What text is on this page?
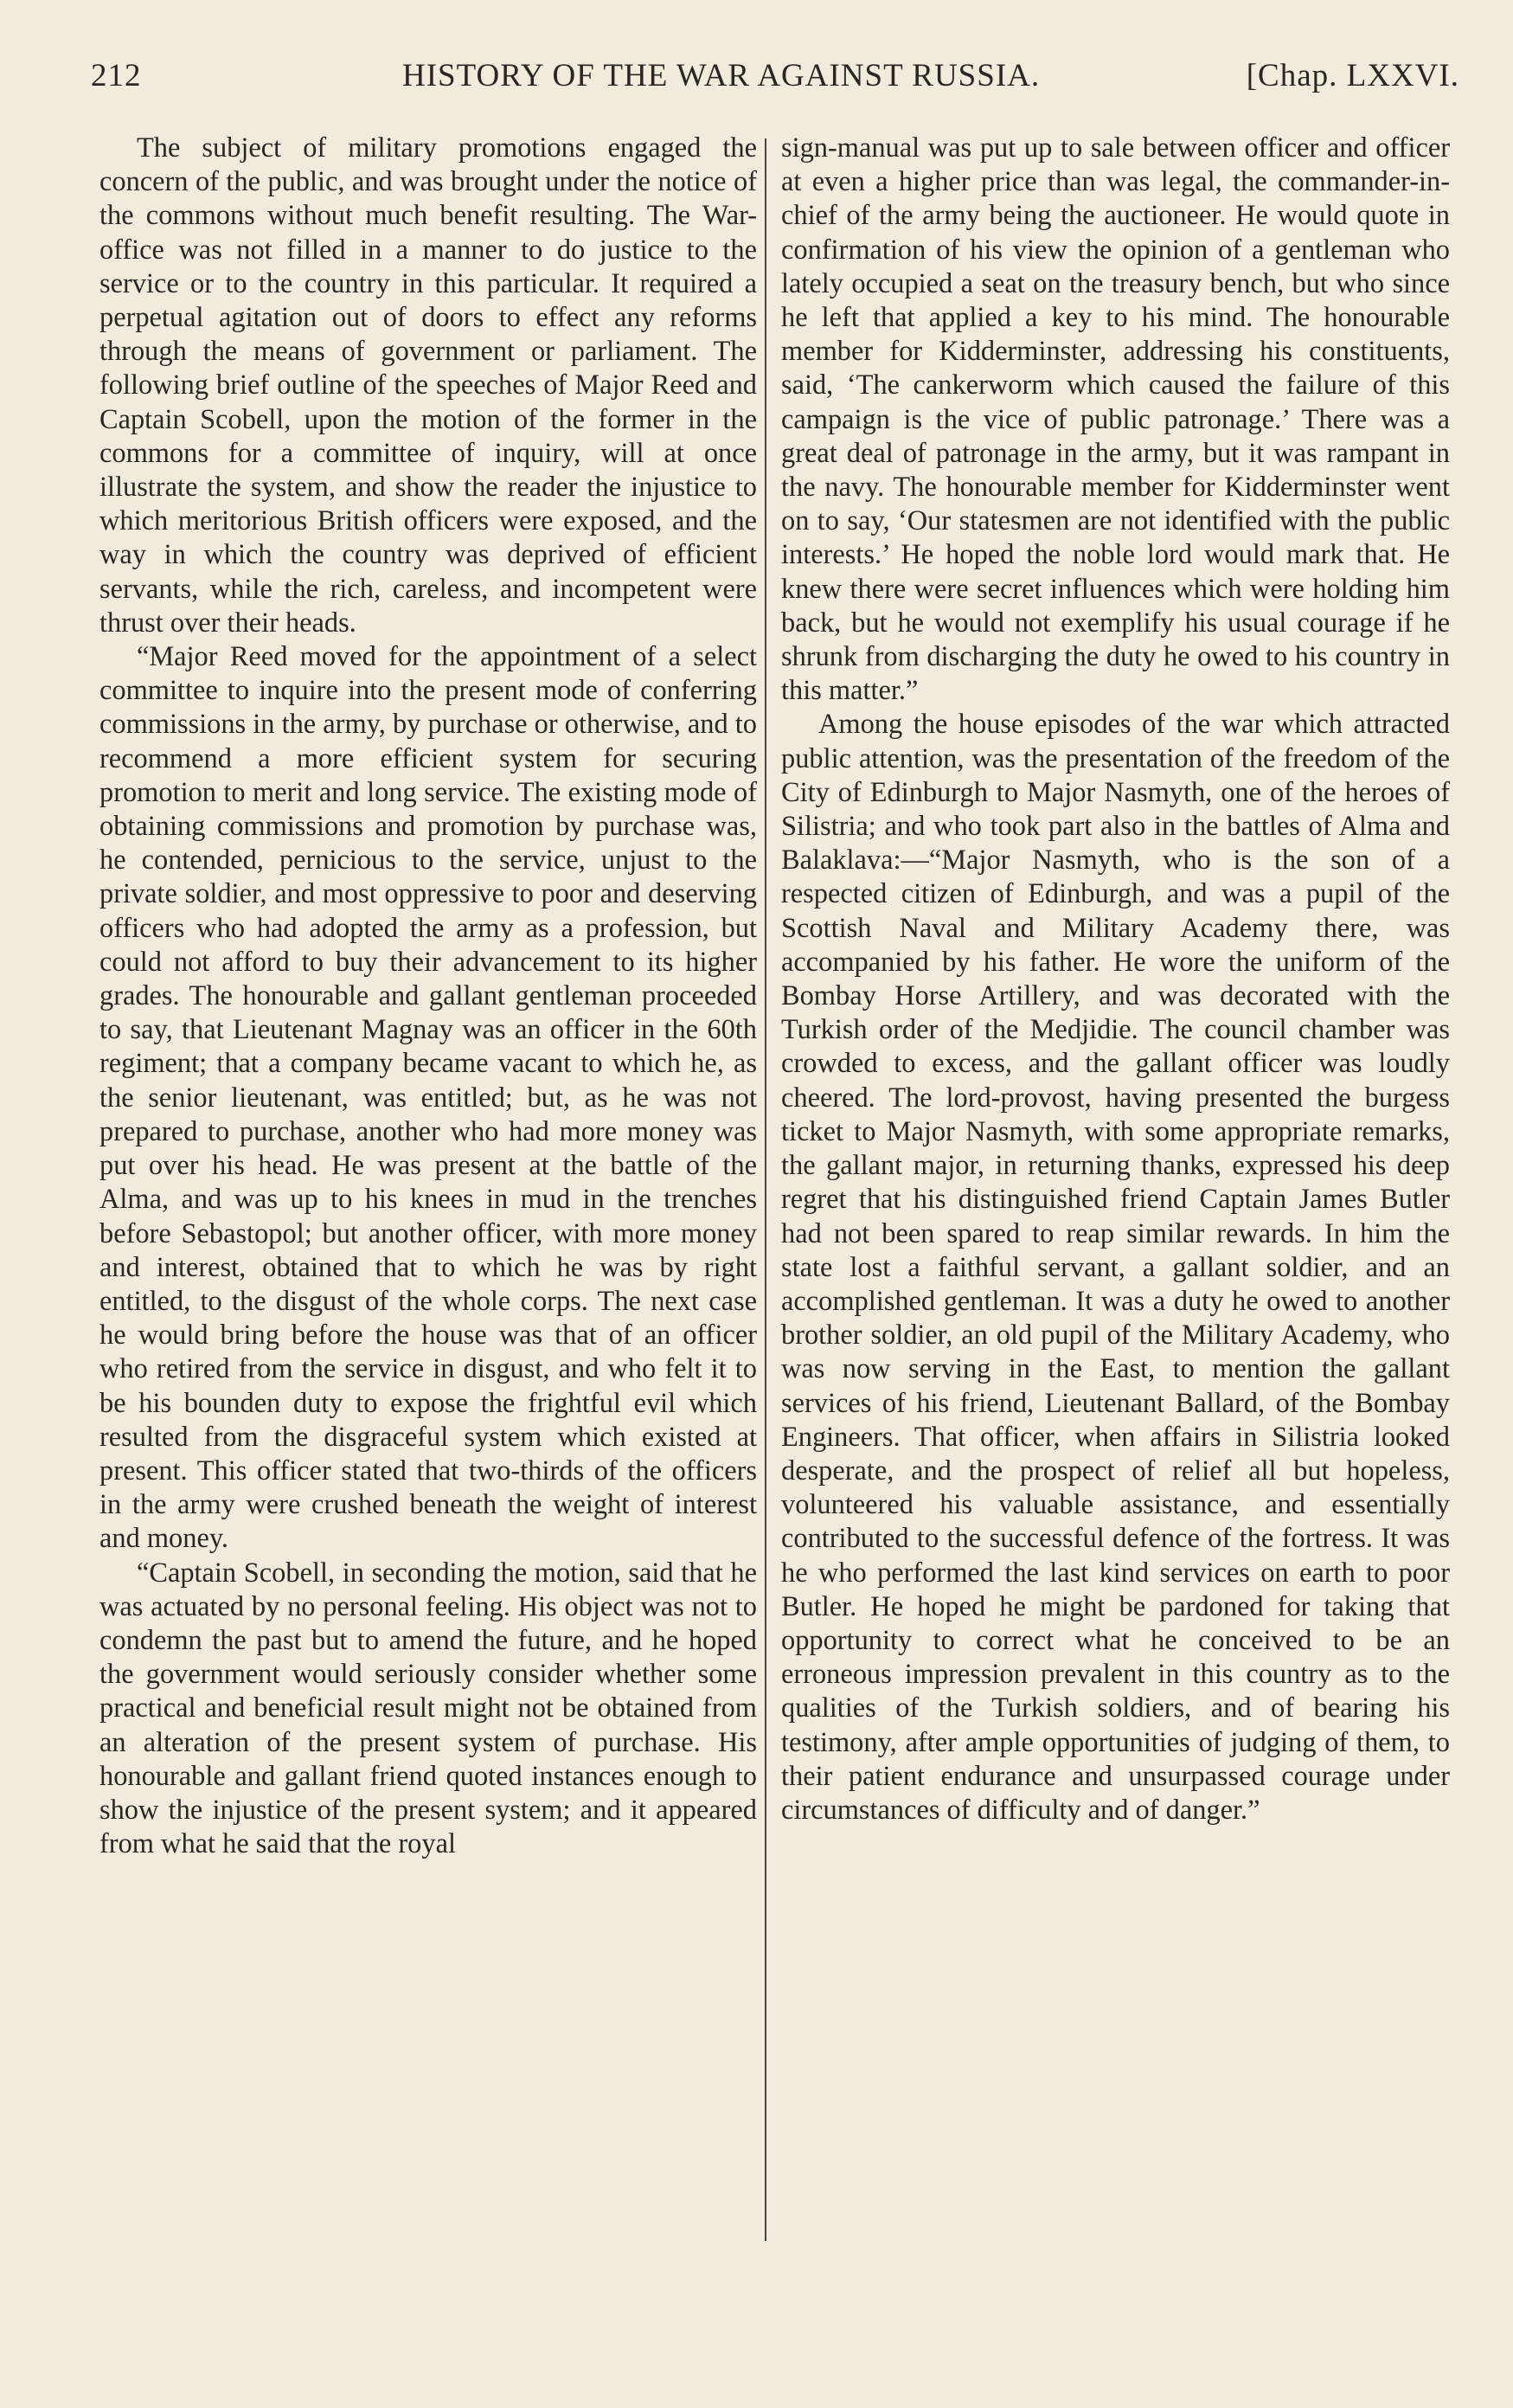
212	HISTORY OF THE WAR AGAINST RUSSIA.	[Chap. LXXVI.

The subject of military promotions engaged the concern of the public, and was brought under the notice of the commons without much benefit resulting. The War-office was not filled in a manner to do justice to the service or to the country in this particular. It required a perpetual agitation out of doors to effect any reforms through the means of government or parliament. The following brief outline of the speeches of Major Reed and Captain Scobell, upon the motion of the former in the commons for a committee of inquiry, will at once illustrate the system, and show the reader the injustice to which meritorious British officers were exposed, and the way in which the country was deprived of efficient servants, while the rich, careless, and incompetent were thrust over their heads.

“Major Reed moved for the appointment of a select committee to inquire into the present mode of conferring commissions in the army, by purchase or otherwise, and to recommend a more efficient system for securing promotion to merit and long service. The existing mode of obtaining commissions and promotion by purchase was, he contended, pernicious to the service, unjust to the private soldier, and most oppressive to poor and deserving officers who had adopted the army as a profession, but could not afford to buy their advancement to its higher grades. The honourable and gallant gentleman proceeded to say, that Lieutenant Magnay was an officer in the 60th regiment; that a company became vacant to which he, as the senior lieutenant, was entitled; but, as he was not prepared to purchase, another who had more money was put over his head. He was present at the battle of the Alma, and was up to his knees in mud in the trenches before Sebastopol; but another officer, with more money and interest, obtained that to which he was by right entitled, to the disgust of the whole corps. The next case he would bring before the house was that of an officer who retired from the service in disgust, and who felt it to be his bounden duty to expose the frightful evil which resulted from the disgraceful system which existed at present. This officer stated that two-thirds of the officers in the army were crushed beneath the weight of interest and money.

“Captain Scobell, in seconding the motion, said that he was actuated by no personal feeling. His object was not to condemn the past but to amend the future, and he hoped the government would seriously consider whether some practical and beneficial result might not be obtained from an alteration of the present system of purchase. His honourable and gallant friend quoted instances enough to show the injustice of the present system; and it appeared from what he said that the royal

sign-manual was put up to sale between officer and officer at even a higher price than was legal, the commander-in-chief of the army being the auctioneer. He would quote in confirmation of his view the opinion of a gentleman who lately occupied a seat on the treasury bench, but who since he left that applied a key to his mind. The honourable member for Kidderminster, addressing his constituents, said, ‘The cankerworm which caused the failure of this campaign is the vice of public patronage.’ There was a great deal of patronage in the army, but it was rampant in the navy. The honourable member for Kidderminster went on to say, ‘Our statesmen are not identified with the public interests.’ He hoped the noble lord would mark that. He knew there were secret influences which were holding him back, but he would not exemplify his usual courage if he shrunk from discharging the duty he owed to his country in this matter.”

Among the house episodes of the war which attracted public attention, was the presentation of the freedom of the City of Edinburgh to Major Nasmyth, one of the heroes of Silistria; and who took part also in the battles of Alma and Balaklava:—“Major Nasmyth, who is the son of a respected citizen of Edinburgh, and was a pupil of the Scottish Naval and Military Academy there, was accompanied by his father. He wore the uniform of the Bombay Horse Artillery, and was decorated with the Turkish order of the Medjidie. The council chamber was crowded to excess, and the gallant officer was loudly cheered. The lord-provost, having presented the burgess ticket to Major Nasmyth, with some appropriate remarks, the gallant major, in returning thanks, expressed his deep regret that his distinguished friend Captain James Butler had not been spared to reap similar rewards. In him the state lost a faithful servant, a gallant soldier, and an accomplished gentleman. It was a duty he owed to another brother soldier, an old pupil of the Military Academy, who was now serving in the East, to mention the gallant services of his friend, Lieutenant Ballard, of the Bombay Engineers. That officer, when affairs in Silistria looked desperate, and the prospect of relief all but hopeless, volunteered his valuable assistance, and essentially contributed to the successful defence of the fortress. It was he who performed the last kind services on earth to poor Butler. He hoped he might be pardoned for taking that opportunity to correct what he conceived to be an erroneous impression prevalent in this country as to the qualities of the Turkish soldiers, and of bearing his testimony, after ample opportunities of judging of them, to their patient endurance and unsurpassed courage under circumstances of difficulty and of danger.”
